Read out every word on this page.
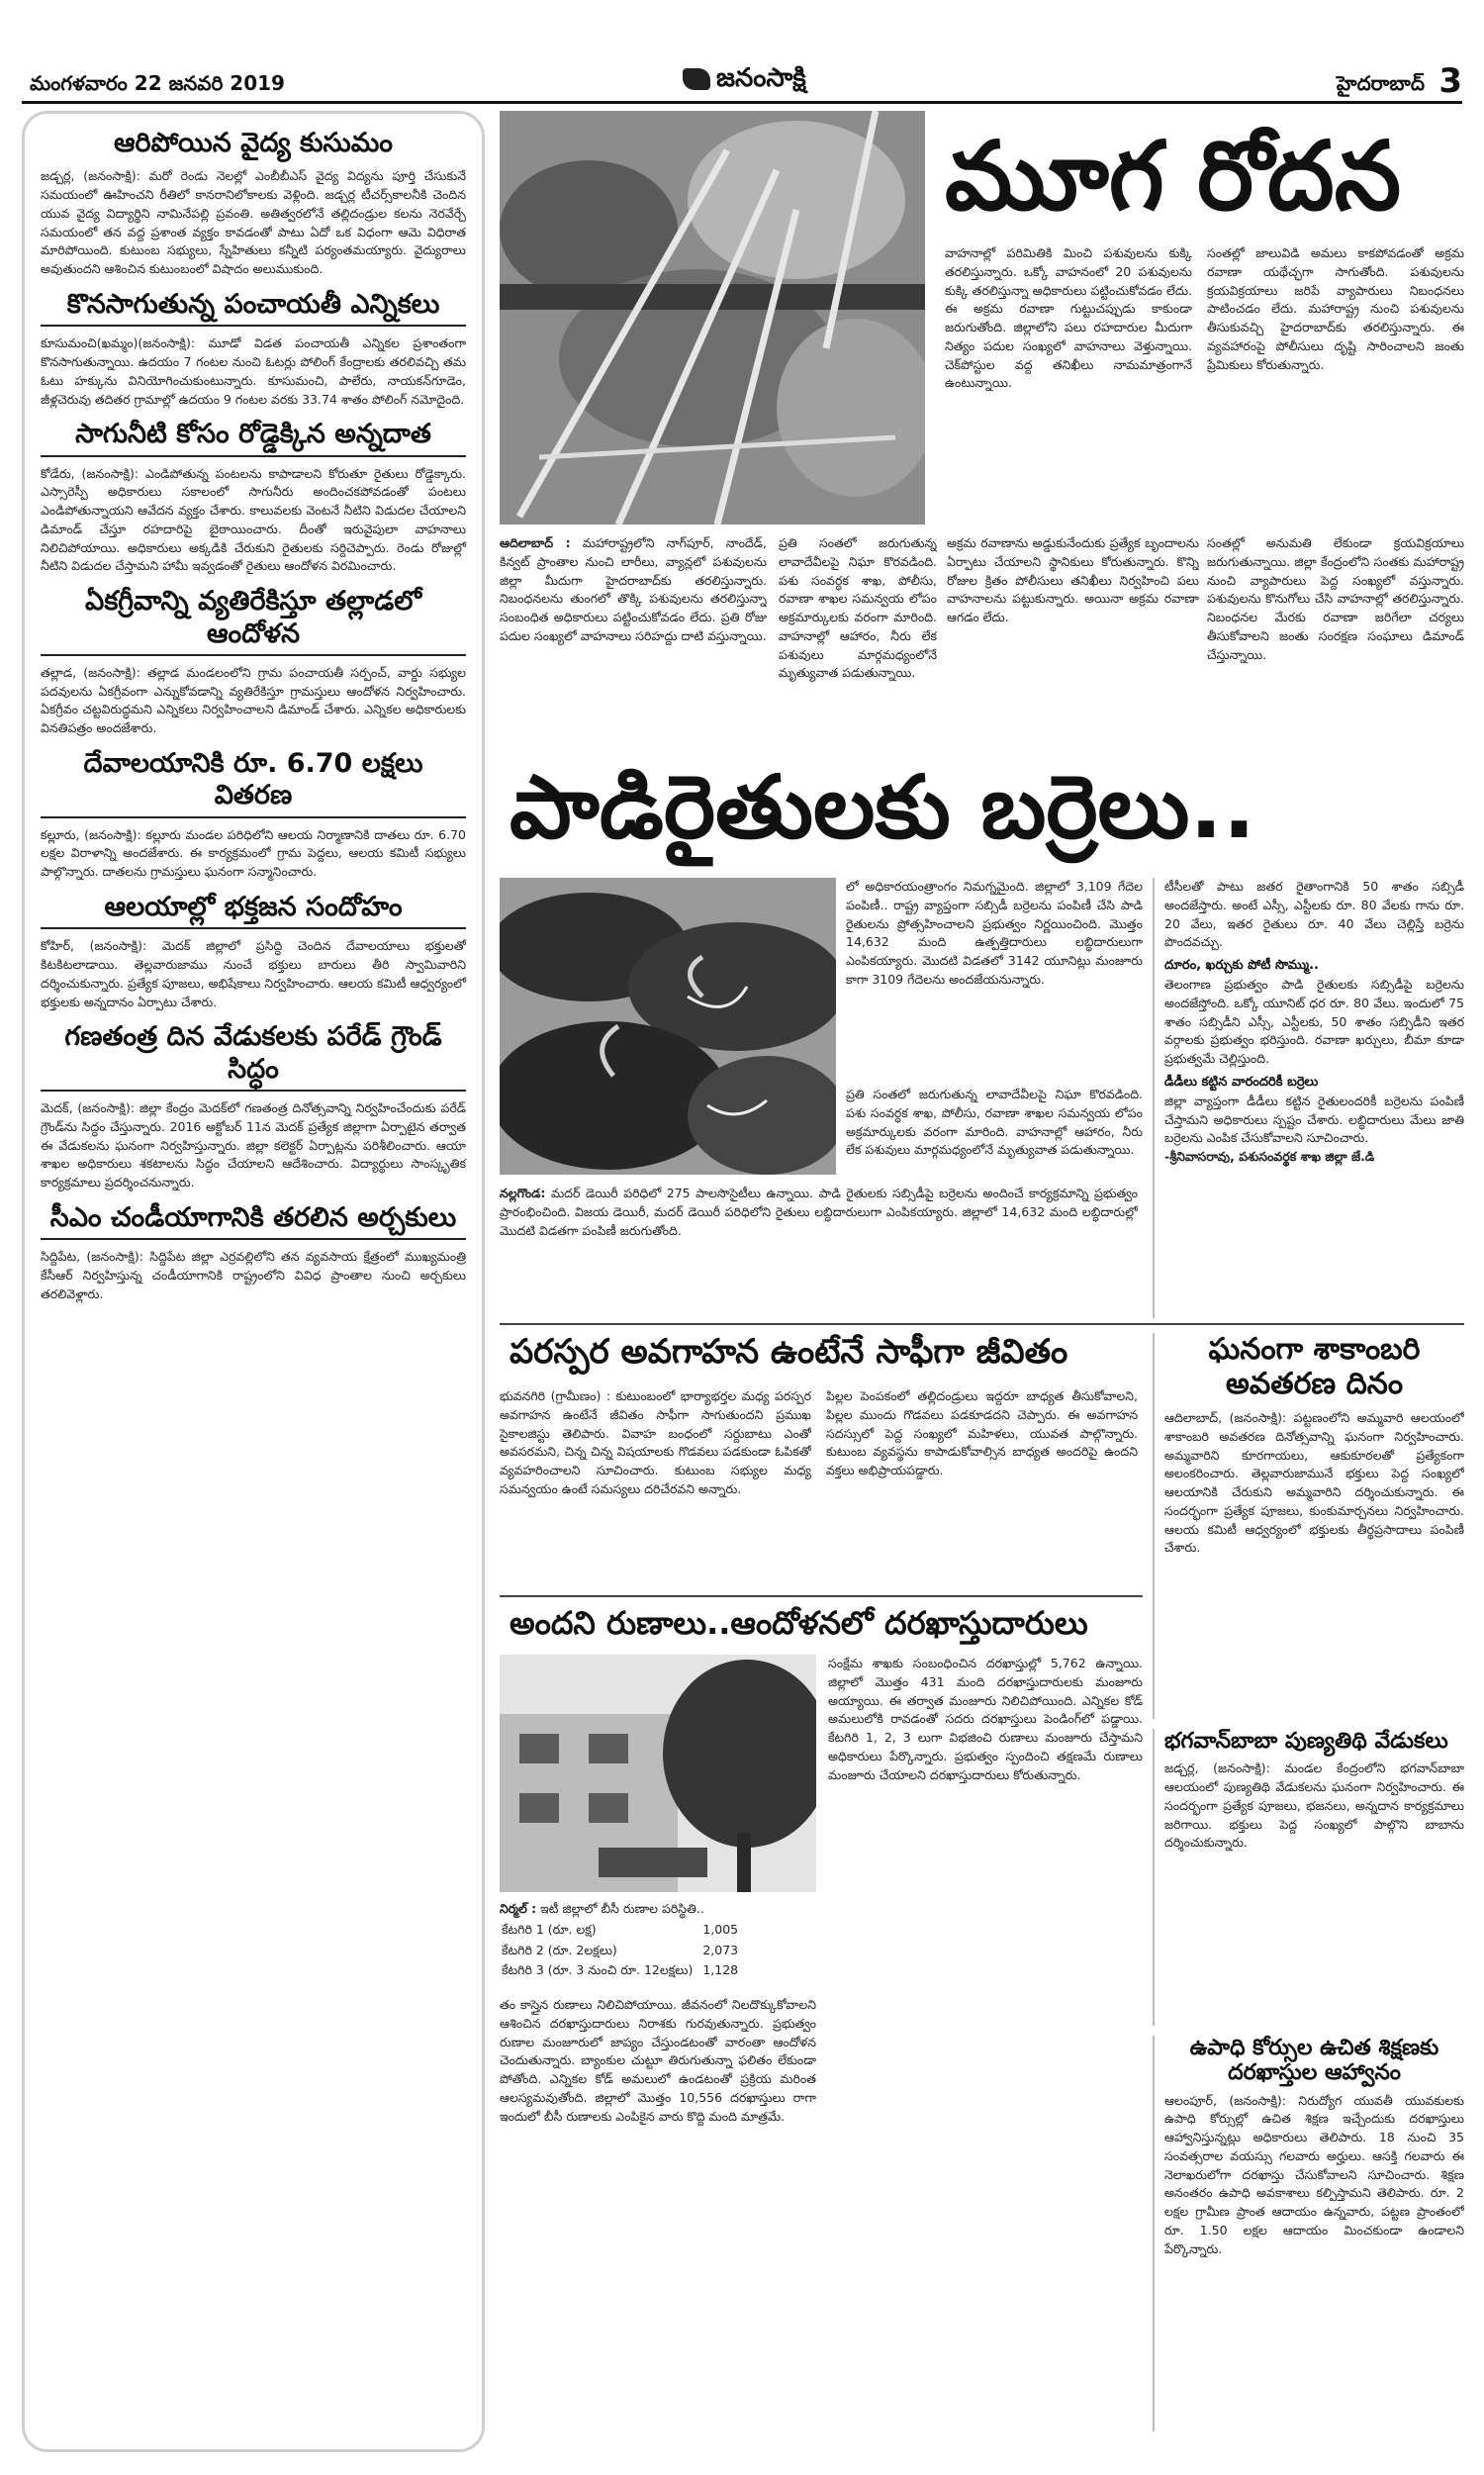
మంగళవారం 22 జనవరి 2019	జనంసాక్షి	హైదరాబాద్ 3
ఆరిపోయిన వైద్య కుసుమం
జడ్చర్ల, (జనంసాక్షి): మరో రెండు నెలల్లో ఎంబీబీఎస్ వైద్య విద్యను పూర్తి చేసుకునే సమయంలో ఊహించని రీతిలో కానరానిలోకాలకు వెళ్లింది. జడ్చర్ల టీచర్స్‌కాలనీకి చెందిన యువ వైద్య విద్యార్థిని నామినేపల్లి ప్రవంతి. అతిత్వరలోనే తల్లిదండ్రుల కలను నెరవేర్చే సమయంలో తన వద్ద ప్రశాంత వ్యక్తం కావడంతో పాటు ఏదో ఒక విధంగా ఆమె విధిరాత మారిపోయింది. కుటుంబ సభ్యులు, స్నేహితులు కన్నీటి పర్యంతమయ్యారు. వైద్యురాలు అవుతుందని ఆశించిన కుటుంబంలో విషాదం అలుముకుంది.
కొనసాగుతున్న పంచాయతీ ఎన్నికలు
కూసుమంచి(ఖమ్మం)(జనంసాక్షి): మూడో విడత పంచాయతీ ఎన్నికల ప్రశాంతంగా కొనసాగుతున్నాయి. ఉదయం 7 గంటల నుంచి ఓటర్లు పోలింగ్ కేంద్రాలకు తరలివచ్చి తమ ఓటు హక్కును వినియోగించుకుంటున్నారు. కూసుమంచి, పాలేరు, నాయకన్‌గూడెం, జీళ్లచెరువు తదితర గ్రామాల్లో ఉదయం 9 గంటల వరకు 33.74 శాతం పోలింగ్ నమోదైంది.
సాగునీటి కోసం రోడ్డెక్కిన అన్నదాత
కోడేరు, (జనంసాక్షి): ఎండిపోతున్న పంటలను కాపాడాలని కోరుతూ రైతులు రోడ్డెక్కారు. ఎస్సారెస్పీ అధికారులు సకాలంలో సాగునీరు అందించకపోవడంతో పంటలు ఎండిపోతున్నాయని ఆవేదన వ్యక్తం చేశారు. కాలువలకు వెంటనే నీటిని విడుదల చేయాలని డిమాండ్ చేస్తూ రహదారిపై బైఠాయించారు. దీంతో ఇరువైపులా వాహనాలు నిలిచిపోయాయి. అధికారులు అక్కడికి చేరుకుని రైతులకు సర్దిచెప్పారు. రెండు రోజుల్లో నీటిని విడుదల చేస్తామని హామీ ఇవ్వడంతో రైతులు ఆందోళన విరమించారు.
ఏకగ్రీవాన్ని వ్యతిరేకిస్తూ తల్లాడలో ఆందోళన
తల్లాడ, (జనంసాక్షి): తల్లాడ మండలంలోని గ్రామ పంచాయతీ సర్పంచ్, వార్డు సభ్యుల పదవులను ఏకగ్రీవంగా ఎన్నుకోవడాన్ని వ్యతిరేకిస్తూ గ్రామస్తులు ఆందోళన నిర్వహించారు. ఏకగ్రీవం చట్టవిరుద్ధమని ఎన్నికలు నిర్వహించాలని డిమాండ్ చేశారు. ఎన్నికల అధికారులకు వినతిపత్రం అందజేశారు.
దేవాలయానికి రూ. 6.70 లక్షలు వితరణ
కల్లూరు, (జనంసాక్షి): కల్లూరు మండల పరిధిలోని ఆలయ నిర్మాణానికి దాతలు రూ. 6.70 లక్షల విరాళాన్ని అందజేశారు. ఈ కార్యక్రమంలో గ్రామ పెద్దలు, ఆలయ కమిటీ సభ్యులు పాల్గొన్నారు. దాతలను గ్రామస్తులు ఘనంగా సన్మానించారు.
ఆలయాల్లో భక్తజన సందోహం
కోహిర్, (జనంసాక్షి): మెదక్ జిల్లాలో ప్రసిద్ధి చెందిన దేవాలయాలు భక్తులతో కిటకిటలాడాయి. తెల్లవారుజాము నుంచే భక్తులు బారులు తీరి స్వామివారిని దర్శించుకున్నారు. ప్రత్యేక పూజలు, అభిషేకాలు నిర్వహించారు. ఆలయ కమిటీ ఆధ్వర్యంలో భక్తులకు అన్నదానం ఏర్పాటు చేశారు.
గణతంత్ర దిన వేడుకలకు పరేడ్ గ్రౌండ్ సిద్ధం
మెదక్, (జనంసాక్షి): జిల్లా కేంద్రం మెదక్‌లో గణతంత్ర దినోత్సవాన్ని నిర్వహించేందుకు పరేడ్ గ్రౌండ్‌ను సిద్ధం చేస్తున్నారు. 2016 అక్టోబర్ 11న మెదక్ ప్రత్యేక జిల్లాగా ఏర్పాటైన తర్వాత ఈ వేడుకలను ఘనంగా నిర్వహిస్తున్నారు. జిల్లా కలెక్టర్ ఏర్పాట్లను పరిశీలించారు. ఆయా శాఖల అధికారులు శకటాలను సిద్ధం చేయాలని ఆదేశించారు. విద్యార్థులు సాంస్కృతిక కార్యక్రమాలు ప్రదర్శించనున్నారు.
సీఎం చండీయాగానికి తరలిన అర్చకులు
సిద్దిపేట, (జనంసాక్షి): సిద్దిపేట జిల్లా ఎర్రవల్లిలోని తన వ్యవసాయ క్షేత్రంలో ముఖ్యమంత్రి కేసీఆర్ నిర్వహిస్తున్న చండీయాగానికి రాష్ట్రంలోని వివిధ ప్రాంతాల నుంచి అర్చకులు తరలివెళ్లారు.
మూగ రోదన
వాహనాల్లో పరిమితికి మించి పశువులను కుక్కి తరలిస్తున్నారు. ఒక్కో వాహనంలో 20 పశువులను కుక్కి తరలిస్తున్నా అధికారులు పట్టించుకోవడం లేదు. ఈ అక్రమ రవాణా గుట్టుచప్పుడు కాకుండా జరుగుతోంది. జిల్లాలోని పలు రహదారుల మీదుగా నిత్యం పదుల సంఖ్యలో వాహనాలు వెళ్తున్నాయి. చెక్‌పోస్టుల వద్ద తనిఖీలు నామమాత్రంగానే ఉంటున్నాయి.
సంతల్లో జాలువిడి అమలు కాకపోవడంతో అక్రమ రవాణా యథేచ్ఛగా సాగుతోంది. పశువులను క్రయవిక్రయాలు జరిపే వ్యాపారులు నిబంధనలు పాటించడం లేదు. మహారాష్ట్ర నుంచి పశువులను తీసుకువచ్చి హైదరాబాద్‌కు తరలిస్తున్నారు. ఈ వ్యవహారంపై పోలీసులు దృష్టి సారించాలని జంతు ప్రేమికులు కోరుతున్నారు.
ఆదిలాబాద్ : మహారాష్ట్రలోని నాగ్‌పూర్, నాందేడ్, కిన్వట్ ప్రాంతాల నుంచి లారీలు, వ్యాన్లలో పశువులను జిల్లా మీదుగా హైదరాబాద్‌కు తరలిస్తున్నారు. నిబంధనలను తుంగలో తొక్కి పశువులను తరలిస్తున్నా సంబంధిత అధికారులు పట్టించుకోవడం లేదు. ప్రతి రోజు పదుల సంఖ్యలో వాహనాలు సరిహద్దు దాటి వస్తున్నాయి.
ప్రతి సంతలో జరుగుతున్న లావాదేవీలపై నిఘా కొరవడింది. పశు సంవర్ధక శాఖ, పోలీసు, రవాణా శాఖల సమన్వయ లోపం అక్రమార్కులకు వరంగా మారింది. వాహనాల్లో ఆహారం, నీరు లేక పశువులు మార్గమధ్యంలోనే మృత్యువాత పడుతున్నాయి.
అక్రమ రవాణాను అడ్డుకునేందుకు ప్రత్యేక బృందాలను ఏర్పాటు చేయాలని స్థానికులు కోరుతున్నారు. కొన్ని రోజుల క్రితం పోలీసులు తనిఖీలు నిర్వహించి పలు వాహనాలను పట్టుకున్నారు. అయినా అక్రమ రవాణా ఆగడం లేదు.
సంతల్లో అనుమతి లేకుండా క్రయవిక్రయాలు జరుగుతున్నాయి. జిల్లా కేంద్రంలోని సంతకు మహారాష్ట్ర నుంచి వ్యాపారులు పెద్ద సంఖ్యలో వస్తున్నారు. పశువులను కొనుగోలు చేసి వాహనాల్లో తరలిస్తున్నారు. నిబంధనల మేరకు రవాణా జరిగేలా చర్యలు తీసుకోవాలని జంతు సంరక్షణ సంఘాలు డిమాండ్ చేస్తున్నాయి.
పాడిరైతులకు బర్రెలు..
లో అధికారయంత్రాంగం నిమగ్నమైంది. జిల్లాలో 3,109 గేదెల పంపిణీ.. రాష్ట్ర వ్యాప్తంగా సబ్సిడీ బర్రెలను పంపిణీ చేసి పాడి రైతులను ప్రోత్సహించాలని ప్రభుత్వం నిర్ణయించింది. మొత్తం 14,632 మంది ఉత్పత్తిదారులు లబ్ధిదారులుగా ఎంపికయ్యారు. మొదటి విడతలో 3142 యూనిట్లు మంజూరు కాగా 3109 గేదెలను అందజేయనున్నారు.
నల్లగొండ: మదర్ డెయిరీ పరిధిలో 275 పాలసొసైటీలు ఉన్నాయి. పాడి రైతులకు సబ్సిడీపై బర్రెలను అందించే కార్యక్రమాన్ని ప్రభుత్వం ప్రారంభించింది. విజయ డెయిరీ, మదర్ డెయిరీ పరిధిలోని రైతులు లబ్ధిదారులుగా ఎంపికయ్యారు. జిల్లాలో 14,632 మంది లబ్ధిదారుల్లో మొదటి విడతగా పంపిణీ జరుగుతోంది.
ప్రతి సంతలో జరుగుతున్న లావాదేవీలపై నిఘా కొరవడింది. పశు సంవర్ధక శాఖ, పోలీసు, రవాణా శాఖల సమన్వయ లోపం అక్రమార్కులకు వరంగా మారింది. వాహనాల్లో ఆహారం, నీరు లేక పశువులు మార్గమధ్యంలోనే మృత్యువాత పడుతున్నాయి.
టీసీలతో పాటు జతర రైతాంగానికి 50 శాతం సబ్సిడీ అందజేస్తారు. అంటే ఎస్సీ, ఎస్టీలకు రూ. 80 వేలకు గాను రూ. 20 వేలు, ఇతర రైతులు రూ. 40 వేలు చెల్లిస్తే బర్రెను పొందవచ్చు.
దూరం, ఖర్చుకు పోటీ సొమ్ము..
తెలంగాణ ప్రభుత్వం పాడి రైతులకు సబ్సిడీపై బర్రెలను అందజేస్తోంది. ఒక్కో యూనిట్ ధర రూ. 80 వేలు. ఇందులో 75 శాతం సబ్సిడీని ఎస్సీ, ఎస్టీలకు, 50 శాతం సబ్సిడీని ఇతర వర్గాలకు ప్రభుత్వం భరిస్తుంది. రవాణా ఖర్చులు, బీమా కూడా ప్రభుత్వమే చెల్లిస్తుంది.
డీడీలు కట్టిన వారందరికీ బర్రెలు
జిల్లా వ్యాప్తంగా డీడీలు కట్టిన రైతులందరికీ బర్రెలను పంపిణీ చేస్తామని అధికారులు స్పష్టం చేశారు. లబ్ధిదారులు మేలు జాతి బర్రెలను ఎంపిక చేసుకోవాలని సూచించారు.
-శ్రీనివాసరావు, పశుసంవర్థక శాఖ జిల్లా జే.డి
పరస్పర అవగాహన ఉంటేనే సాఫీగా జీవితం
భువనగిరి (గ్రామీణం) : కుటుంబంలో భార్యాభర్తల మధ్య పరస్పర అవగాహన ఉంటేనే జీవితం సాఫీగా సాగుతుందని ప్రముఖ సైకాలజిస్టు తెలిపారు. వివాహ బంధంలో సర్దుబాటు ఎంతో అవసరమని, చిన్న చిన్న విషయాలకు గొడవలు పడకుండా ఓపికతో వ్యవహరించాలని సూచించారు. కుటుంబ సభ్యుల మధ్య సమన్వయం ఉంటే సమస్యలు దరిచేరవని అన్నారు.
పిల్లల పెంపకంలో తల్లిదండ్రులు ఇద్దరూ బాధ్యత తీసుకోవాలని, పిల్లల ముందు గొడవలు పడకూడదని చెప్పారు. ఈ అవగాహన సదస్సులో పెద్ద సంఖ్యలో మహిళలు, యువత పాల్గొన్నారు. కుటుంబ వ్యవస్థను కాపాడుకోవాల్సిన బాధ్యత అందరిపై ఉందని వక్తలు అభిప్రాయపడ్డారు.
ఘనంగా శాకాంబరి అవతరణ దినం
ఆదిలాబాద్, (జనంసాక్షి): పట్టణంలోని అమ్మవారి ఆలయంలో శాకాంబరి అవతరణ దినోత్సవాన్ని ఘనంగా నిర్వహించారు. అమ్మవారిని కూరగాయలు, ఆకుకూరలతో ప్రత్యేకంగా అలంకరించారు. తెల్లవారుజామునే భక్తులు పెద్ద సంఖ్యలో ఆలయానికి చేరుకుని అమ్మవారిని దర్శించుకున్నారు. ఈ సందర్భంగా ప్రత్యేక పూజలు, కుంకుమార్చనలు నిర్వహించారు. ఆలయ కమిటీ ఆధ్వర్యంలో భక్తులకు తీర్థప్రసాదాలు పంపిణీ చేశారు.
అందని రుణాలు..ఆందోళనలో దరఖాస్తుదారులు
నిర్మల్ : ఇటీ జిల్లాలో బీసీ రుణాల పరిస్థితి..
కేటగిరి 1 (రూ. లక్ష)	1,005
కేటగిరి 2 (రూ. 2లక్షలు)	2,073
కేటగిరి 3 (రూ. 3 నుంచి రూ. 12లక్షలు)	1,128
తం కాస్తైన రుణాలు నిలిచిపోయాయి. జీవనంలో నిలదొక్కుకోవాలని ఆశించిన దరఖాస్తుదారులు నిరాశకు గురవుతున్నారు. ప్రభుత్వం రుణాల మంజూరులో జాప్యం చేస్తుండటంతో వారంతా ఆందోళన చెందుతున్నారు. బ్యాంకుల చుట్టూ తిరుగుతున్నా ఫలితం లేకుండా పోతోంది. ఎన్నికల కోడ్ అమలులో ఉండటంతో ప్రక్రియ మరింత ఆలస్యమవుతోంది. జిల్లాలో మొత్తం 10,556 దరఖాస్తులు రాగా ఇందులో బీసీ రుణాలకు ఎంపికైన వారు కొద్ది మంది మాత్రమే.
సంక్షేమ శాఖకు సంబంధించిన దరఖాస్తుల్లో 5,762 ఉన్నాయి. జిల్లాలో మొత్తం 431 మంది దరఖాస్తుదారులకు మంజూరు అయ్యాయి. ఈ తర్వాత మంజూరు నిలిచిపోయింది. ఎన్నికల కోడ్ అమలులోకి రావడంతో సదరు దరఖాస్తులు పెండింగ్‌లో పడ్డాయి. కేటగిరి 1, 2, 3 లుగా విభజించి రుణాలు మంజూరు చేస్తామని అధికారులు పేర్కొన్నారు. ప్రభుత్వం స్పందించి తక్షణమే రుణాలు మంజూరు చేయాలని దరఖాస్తుదారులు కోరుతున్నారు.
భగవాన్‌బాబా పుణ్యతిథి వేడుకలు
జడ్చర్ల, (జనంసాక్షి): మండల కేంద్రంలోని భగవాన్‌బాబా ఆలయంలో పుణ్యతిథి వేడుకలను ఘనంగా నిర్వహించారు. ఈ సందర్భంగా ప్రత్యేక పూజలు, భజనలు, అన్నదాన కార్యక్రమాలు జరిగాయి. భక్తులు పెద్ద సంఖ్యలో పాల్గొని బాబాను దర్శించుకున్నారు.
ఉపాధి కోర్సుల ఉచిత శిక్షణకు దరఖాస్తుల ఆహ్వానం
ఆలంపూర్, (జనంసాక్షి): నిరుద్యోగ యువతీ యువకులకు ఉపాధి కోర్సుల్లో ఉచిత శిక్షణ ఇచ్చేందుకు దరఖాస్తులు ఆహ్వానిస్తున్నట్లు అధికారులు తెలిపారు. 18 నుంచి 35 సంవత్సరాల వయస్సు గలవారు అర్హులు. ఆసక్తి గలవారు ఈ నెలాఖరులోగా దరఖాస్తు చేసుకోవాలని సూచించారు. శిక్షణ అనంతరం ఉపాధి అవకాశాలు కల్పిస్తామని తెలిపారు. రూ. 2 లక్షల గ్రామీణ ప్రాంత ఆదాయం ఉన్నవారు, పట్టణ ప్రాంతంలో రూ. 1.50 లక్షల ఆదాయం మించకుండా ఉండాలని పేర్కొన్నారు.
